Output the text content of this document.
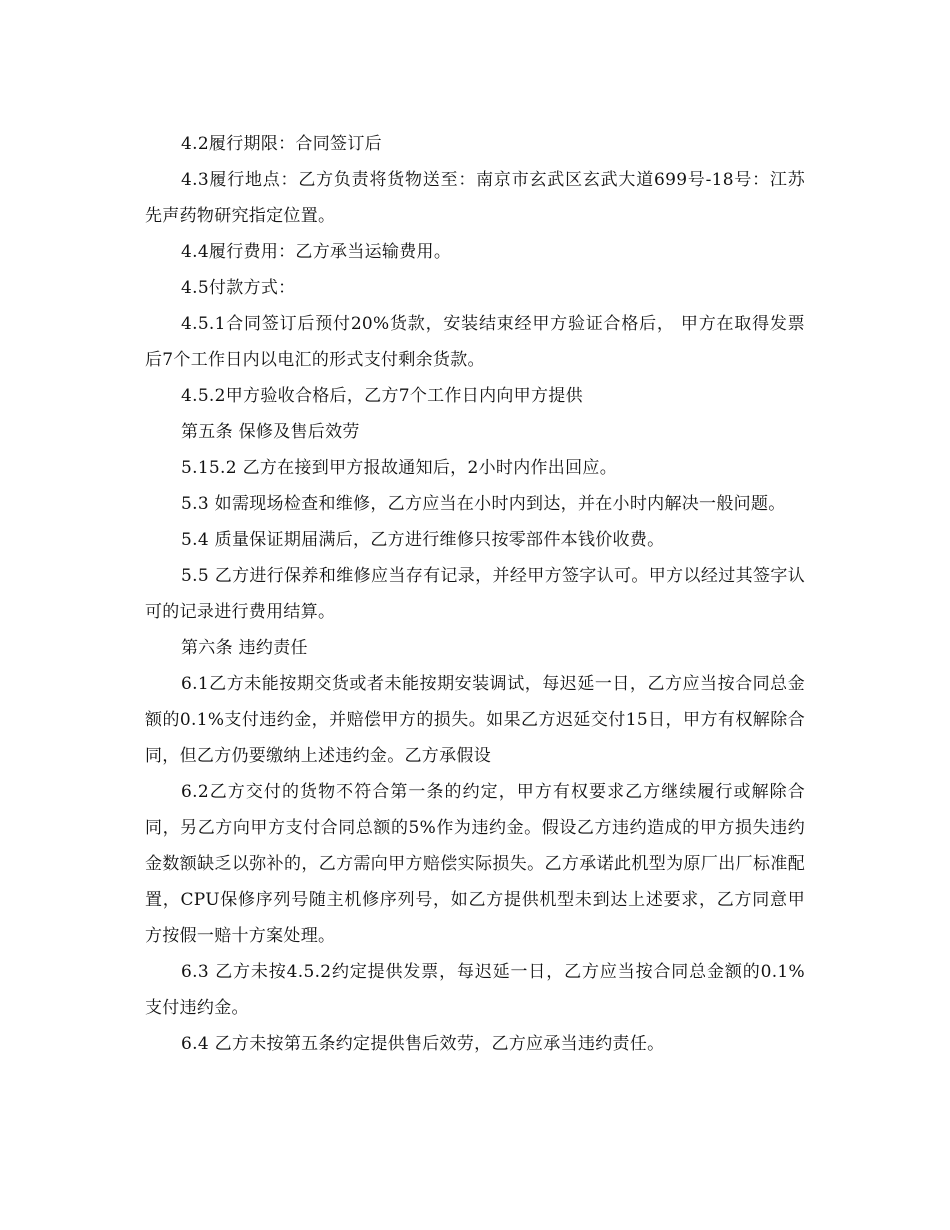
4.2履行期限：合同签订后

4.3履行地点：乙方负责将货物送至：南京市玄武区玄武大道699号-18号：江苏先声药物研究指定位置。

4.4履行费用：乙方承当运输费用。

4.5付款方式：

4.5.1合同签订后预付20%货款，安装结束经甲方验证合格后， 甲方在取得发票后7个工作日内以电汇的形式支付剩余货款。

4.5.2甲方验收合格后，乙方7个工作日内向甲方提供

第五条 保修及售后效劳

5.15.2 乙方在接到甲方报故通知后，2小时内作出回应。

5.3 如需现场检查和维修，乙方应当在小时内到达，并在小时内解决一般问题。

5.4 质量保证期届满后，乙方进行维修只按零部件本钱价收费。

5.5 乙方进行保养和维修应当存有记录，并经甲方签字认可。甲方以经过其签字认可的记录进行费用结算。

第六条 违约责任

6.1乙方未能按期交货或者未能按期安装调试，每迟延一日，乙方应当按合同总金额的0.1%支付违约金，并赔偿甲方的损失。如果乙方迟延交付15日，甲方有权解除合同，但乙方仍要缴纳上述违约金。乙方承假设

6.2乙方交付的货物不符合第一条的约定，甲方有权要求乙方继续履行或解除合同，另乙方向甲方支付合同总额的5%作为违约金。假设乙方违约造成的甲方损失违约金数额缺乏以弥补的，乙方需向甲方赔偿实际损失。乙方承诺此机型为原厂出厂标准配置，CPU保修序列号随主机修序列号，如乙方提供机型未到达上述要求，乙方同意甲方按假一赔十方案处理。

6.3 乙方未按4.5.2约定提供发票，每迟延一日，乙方应当按合同总金额的0.1%支付违约金。

6.4 乙方未按第五条约定提供售后效劳，乙方应承当违约责任。
